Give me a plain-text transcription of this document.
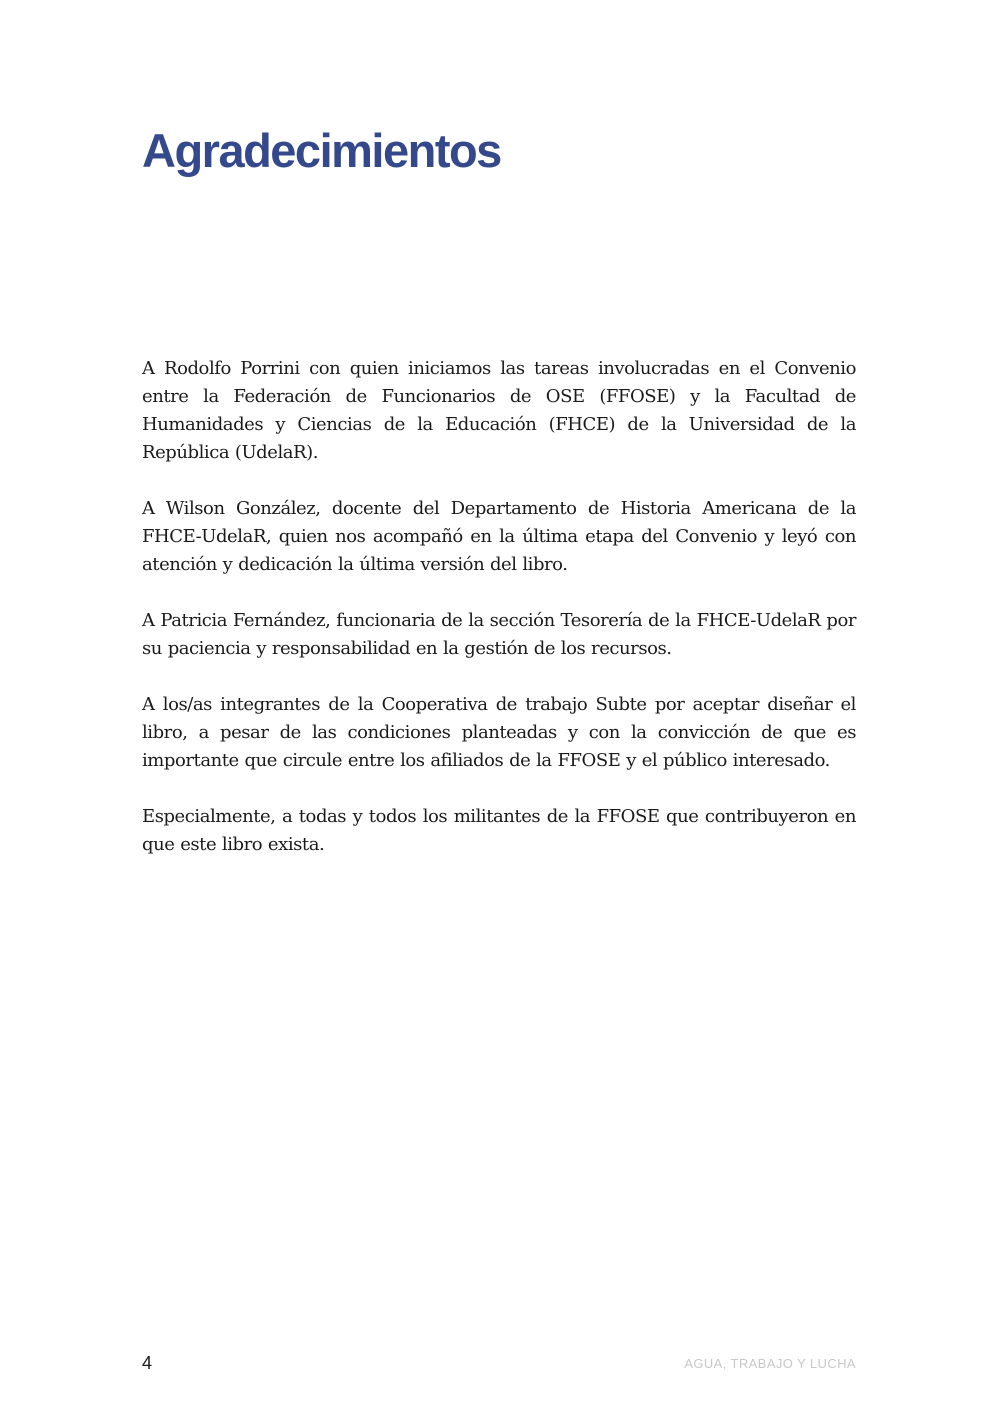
Agradecimientos

A Rodolfo Porrini con quien iniciamos las tareas involucradas en el Convenio entre la Federación de Funcionarios de OSE (FFOSE) y la Facultad de Humanidades y Ciencias de la Educación (FHCE) de la Universidad de la República (UdelaR).

A Wilson González, docente del Departamento de Historia Americana de la FHCE-UdelaR, quien nos acompañó en la última etapa del Convenio y leyó con atención y dedicación la última versión del libro.

A Patricia Fernández, funcionaria de la sección Tesorería de la FHCE-UdelaR por su paciencia y responsabilidad en la gestión de los recursos.

A los/as integrantes de la Cooperativa de trabajo Subte por aceptar diseñar el libro, a pesar de las condiciones planteadas y con la convicción de que es importante que circule entre los afiliados de la FFOSE y el público interesado.

Especialmente, a todas y todos los militantes de la FFOSE que contribuyeron en que este libro exista.

4	AGUA, TRABAJO Y LUCHA
